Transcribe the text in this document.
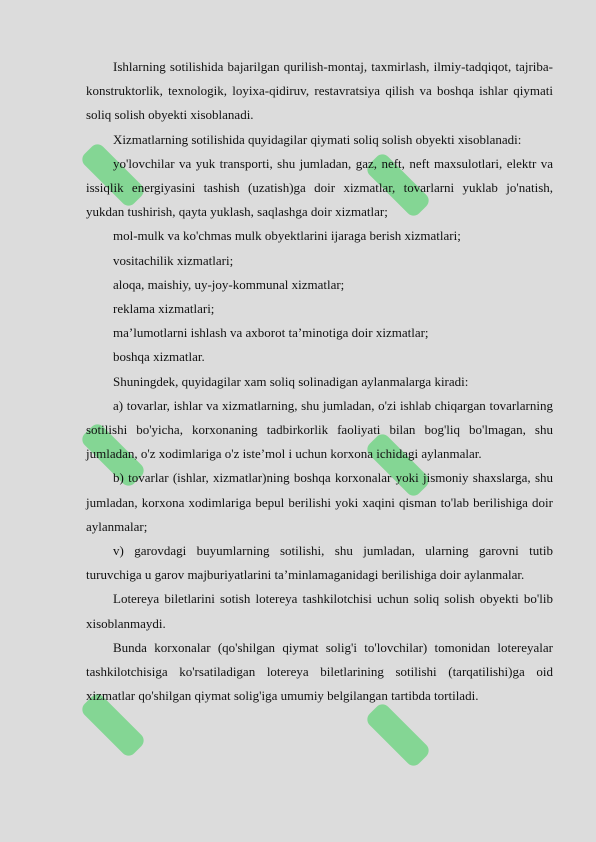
Ishlarning sotilishida bajarilgan qurilish-montaj, taxmirlash, ilmiy-tadqiqot, tajriba-konstruktorlik, texnologik, loyixa-qidiruv, restavratsiya qilish va boshqa ishlar qiymati soliq solish obyekti xisoblanadi.

Xizmatlarning sotilishida quyidagilar qiymati soliq solish obyekti xisoblanadi:

yo'lovchilar va yuk transporti, shu jumladan, gaz, neft, neft maxsulotlari, elektr va issiqlik energiyasini tashish (uzatish)ga doir xizmatlar, tovarlarni yuklab jo'natish, yukdan tushirish, qayta yuklash, saqlashga doir xizmatlar;

mol-mulk va ko'chmas mulk obyektlarini ijaraga berish xizmatlari;

vositachilik xizmatlari;

aloqa, maishiy, uy-joy-kommunal xizmatlar;

reklama xizmatlari;

ma’lumotlarni ishlash va axborot ta’minotiga doir xizmatlar;

boshqa xizmatlar.

Shuningdek, quyidagilar xam soliq solinadigan aylanmalarga kiradi:

a) tovarlar, ishlar va xizmatlarning, shu jumladan, o'zi ishlab chiqargan tovarlarning sotilishi bo'yicha, korxonaning tadbirkorlik faoliyati bilan bog'liq bo'lmagan, shu jumladan, o'z xodimlariga o'z iste’mol i uchun korxona ichidagi aylanmalar.

b) tovarlar (ishlar, xizmatlar)ning boshqa korxonalar yoki jismoniy shaxslarga, shu jumladan, korxona xodimlariga bepul berilishi yoki xaqini qisman to'lab berilishiga doir aylanmalar;

v) garovdagi buyumlarning sotilishi, shu jumladan, ularning garovni tutib turuvchiga u garov majburiyatlarini ta’minlamaganidagi berilishiga doir aylanmalar.

Lotereya biletlarini sotish lotereya tashkilotchisi uchun soliq solish obyekti bo'lib xisoblanmaydi.

Bunda korxonalar (qo'shilgan qiymat solig'i to'lovchilar) tomonidan lotereyalar tashkilotchisiga ko'rsatiladigan lotereya biletlarining sotilishi (tarqatilishi)ga oid xizmatlar qo'shilgan qiymat solig'iga umumiy belgilangan tartibda tortiladi.
